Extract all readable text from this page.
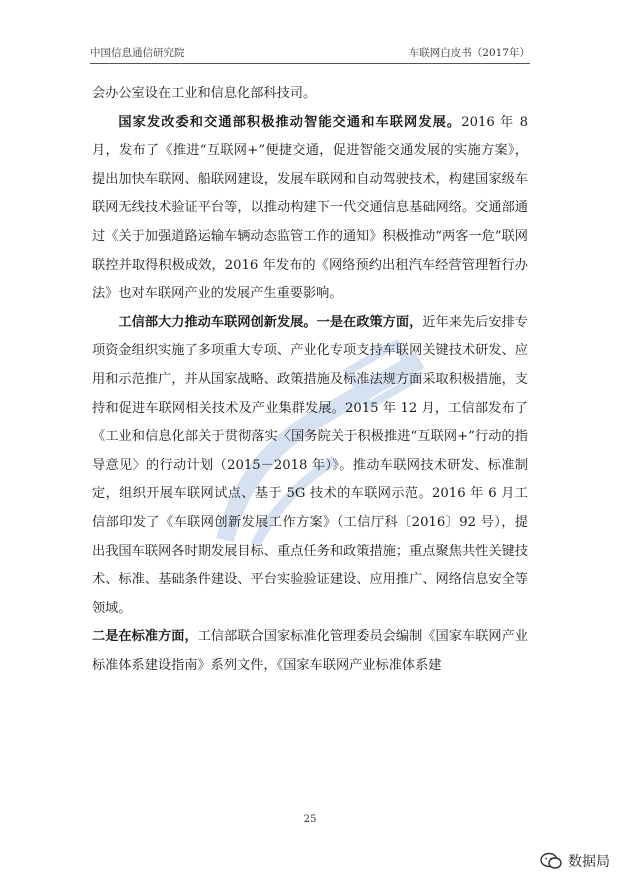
中国信息通信研究院	车联网白皮书（2017年）

会办公室设在工业和信息化部科技司。

国家发改委和交通部积极推动智能交通和车联网发展。2016 年 8 月，发布了《推进“互联网+”便捷交通，促进智能交通发展的实施方案》，提出加快车联网、船联网建设，发展车联网和自动驾驶技术，构建国家级车联网无线技术验证平台等，以推动构建下一代交通信息基础网络。交通部通过《关于加强道路运输车辆动态监管工作的通知》积极推动“两客一危”联网联控并取得积极成效，2016 年发布的《网络预约出租汽车经营管理暂行办法》也对车联网产业的发展产生重要影响。

工信部大力推动车联网创新发展。一是在政策方面，近年来先后安排专项资金组织实施了多项重大专项、产业化专项支持车联网关键技术研发、应用和示范推广，并从国家战略、政策措施及标准法规方面采取积极措施，支持和促进车联网相关技术及产业集群发展。2015 年 12 月，工信部发布了《工业和信息化部关于贯彻落实〈国务院关于积极推进“互联网+”行动的指导意见〉的行动计划（2015－2018 年）》。推动车联网技术研发、标准制定，组织开展车联网试点、基于 5G 技术的车联网示范。2016 年 6 月工信部印发了《车联网创新发展工作方案》（工信厅科〔2016〕92 号），提出我国车联网各时期发展目标、重点任务和政策措施；重点聚焦共性关键技术、标准、基础条件建设、平台实验验证建设、应用推广、网络信息安全等领域。

二是在标准方面，工信部联合国家标准化管理委员会编制《国家车联网产业标准体系建设指南》系列文件，《国家车联网产业标准体系建

25
数据局
